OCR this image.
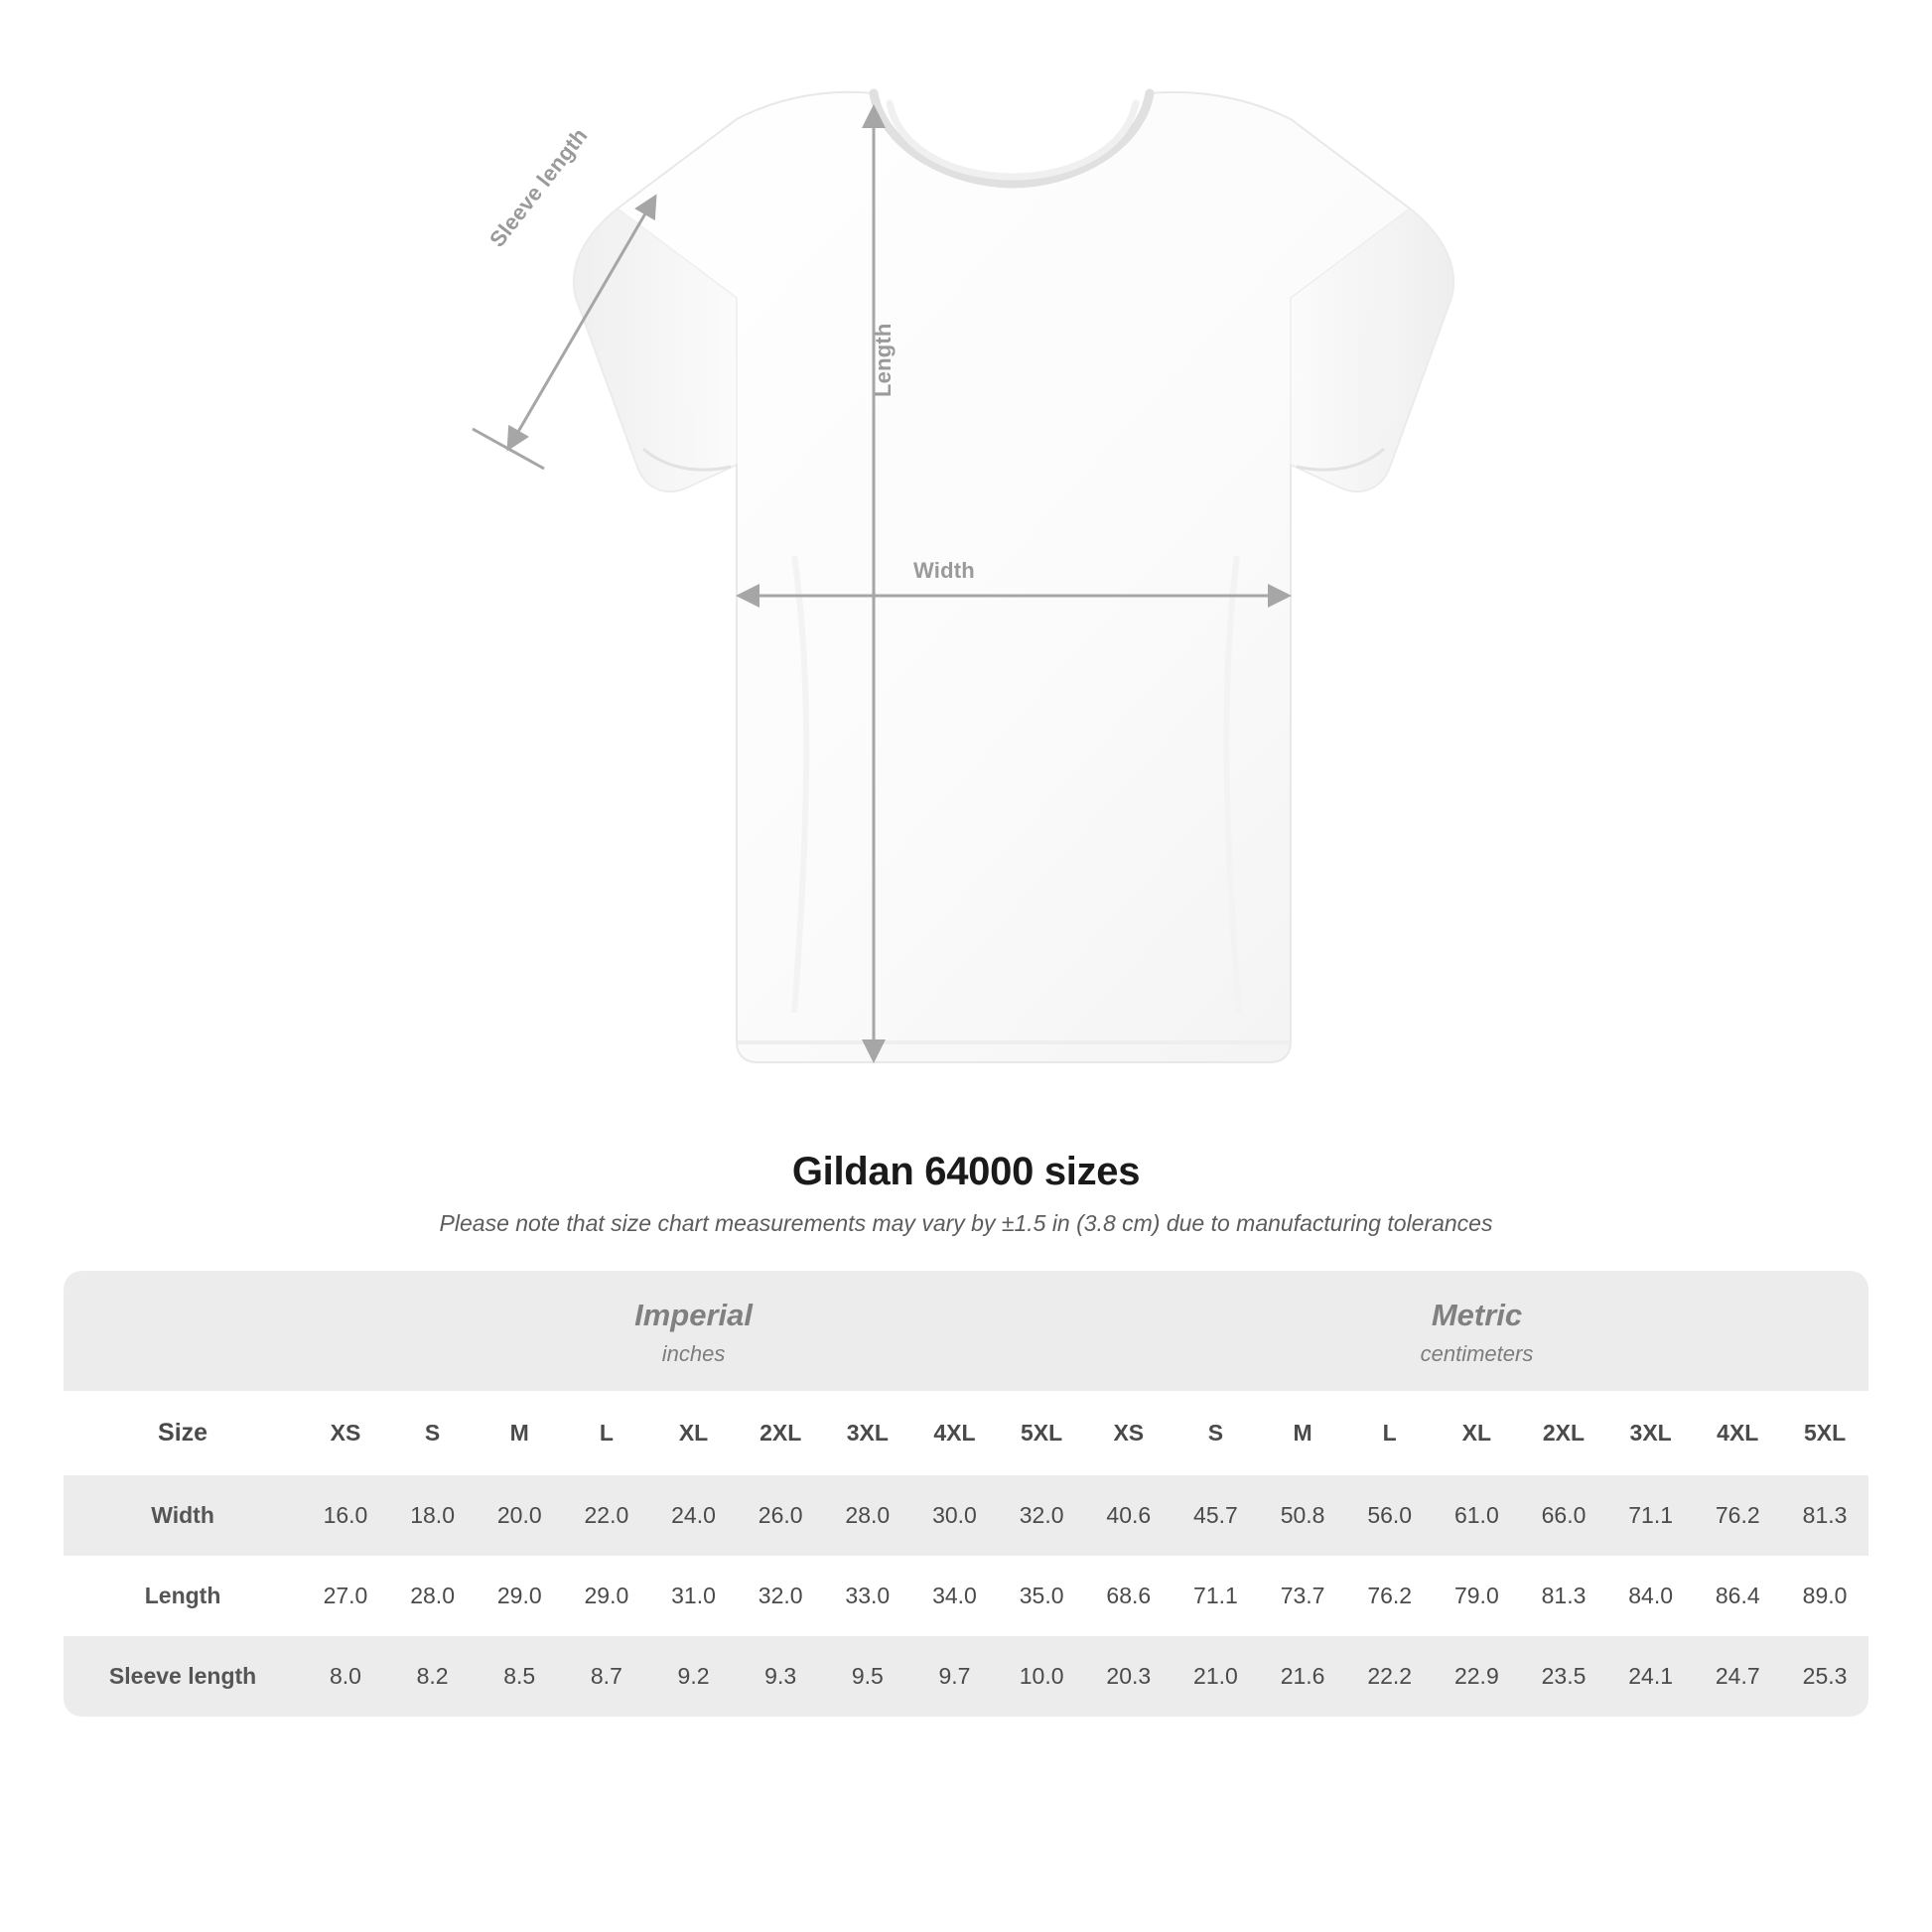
Width
Length
Sleeve length
Gildan 64000 sizes

Please note that size chart measurements may vary by ±1.5 in (3.8 cm) due to manufacturing tolerances

Imperial
inches

Metric
centimeters

Size	XS	S	M	L	XL	2XL	3XL	4XL	5XL	XS	S	M	L	XL	2XL	3XL	4XL	5XL
Width	16.0	18.0	20.0	22.0	24.0	26.0	28.0	30.0	32.0	40.6	45.7	50.8	56.0	61.0	66.0	71.1	76.2	81.3
Length	27.0	28.0	29.0	29.0	31.0	32.0	33.0	34.0	35.0	68.6	71.1	73.7	76.2	79.0	81.3	84.0	86.4	89.0
Sleeve length	8.0	8.2	8.5	8.7	9.2	9.3	9.5	9.7	10.0	20.3	21.0	21.6	22.2	22.9	23.5	24.1	24.7	25.3
